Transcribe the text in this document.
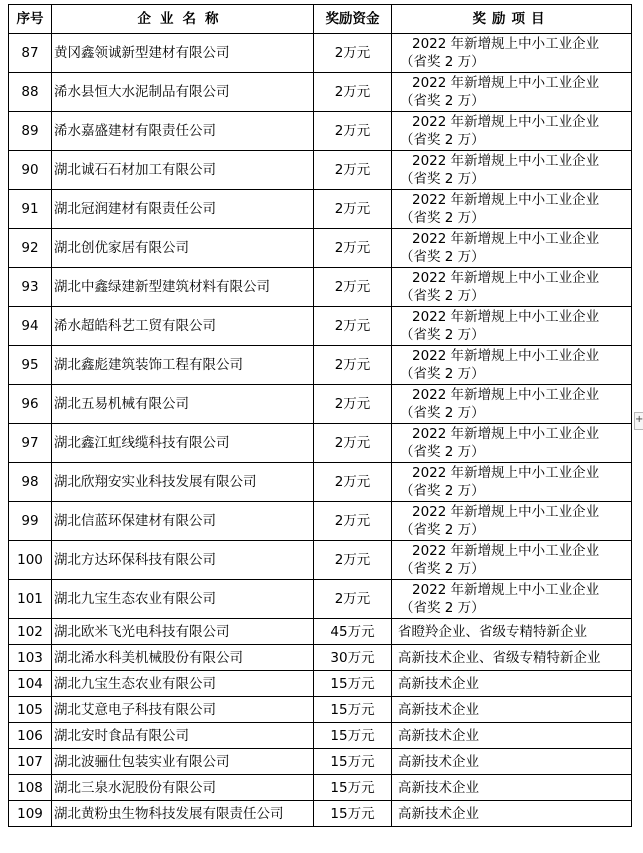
序号	企业名称	奖励资金	奖励项目
87	黄冈鑫领诚新型建材有限公司	2万元	2022 年新增规上中小工业企业
（省奖 2 万）

88	浠水县恒大水泥制品有限公司	2万元	2022 年新增规上中小工业企业
（省奖 2 万）

89	浠水嘉盛建材有限责任公司	2万元	2022 年新增规上中小工业企业
（省奖 2 万）

90	湖北诚石石材加工有限公司	2万元	2022 年新增规上中小工业企业
（省奖 2 万）

91	湖北冠润建材有限责任公司	2万元	2022 年新增规上中小工业企业
（省奖 2 万）

92	湖北创优家居有限公司	2万元	2022 年新增规上中小工业企业
（省奖 2 万）

93	湖北中鑫绿建新型建筑材料有限公司	2万元	2022 年新增规上中小工业企业
（省奖 2 万）

94	浠水超皓科艺工贸有限公司	2万元	2022 年新增规上中小工业企业
（省奖 2 万）

95	湖北鑫彪建筑装饰工程有限公司	2万元	2022 年新增规上中小工业企业
（省奖 2 万）

96	湖北五易机械有限公司	2万元	2022 年新增规上中小工业企业
（省奖 2 万）

97	湖北鑫江虹线缆科技有限公司	2万元	2022 年新增规上中小工业企业
（省奖 2 万）

98	湖北欣翔安实业科技发展有限公司	2万元	2022 年新增规上中小工业企业
（省奖 2 万）

99	湖北信蓝环保建材有限公司	2万元	2022 年新增规上中小工业企业
（省奖 2 万）

100	湖北方达环保科技有限公司	2万元	2022 年新增规上中小工业企业
（省奖 2 万）

101	湖北九宝生态农业有限公司	2万元	2022 年新增规上中小工业企业
（省奖 2 万）

102	湖北欧米飞光电科技有限公司	45万元	省瞪羚企业、省级专精特新企业
103	湖北浠水科美机械股份有限公司	30万元	高新技术企业、省级专精特新企业
104	湖北九宝生态农业有限公司	15万元	高新技术企业
105	湖北艾意电子科技有限公司	15万元	高新技术企业
106	湖北安时食品有限公司	15万元	高新技术企业
107	湖北波骊仕包装实业有限公司	15万元	高新技术企业
108	湖北三泉水泥股份有限公司	15万元	高新技术企业
109	湖北黄粉虫生物科技发展有限责任公司	15万元	高新技术企业
+
